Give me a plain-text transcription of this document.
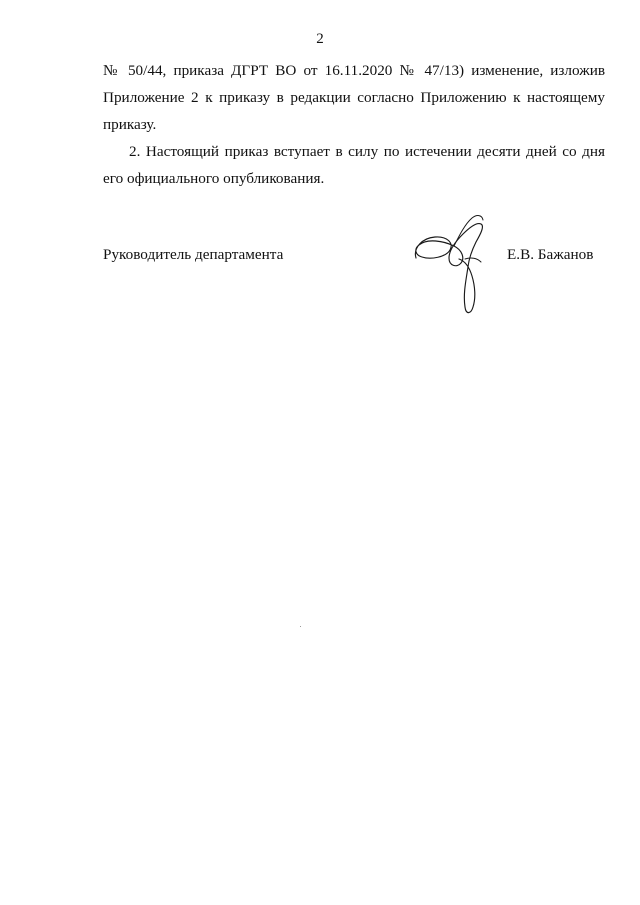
2
№ 50/44, приказа ДГРТ ВО от 16.11.2020 № 47/13) изменение, изложив
Приложение 2 к приказу в редакции согласно Приложению к настоящему
приказу.
2. Настоящий приказ вступает в силу по истечении десяти дней со дня
его официального опубликования.
Руководитель департамента	Е.В. Бажанов
